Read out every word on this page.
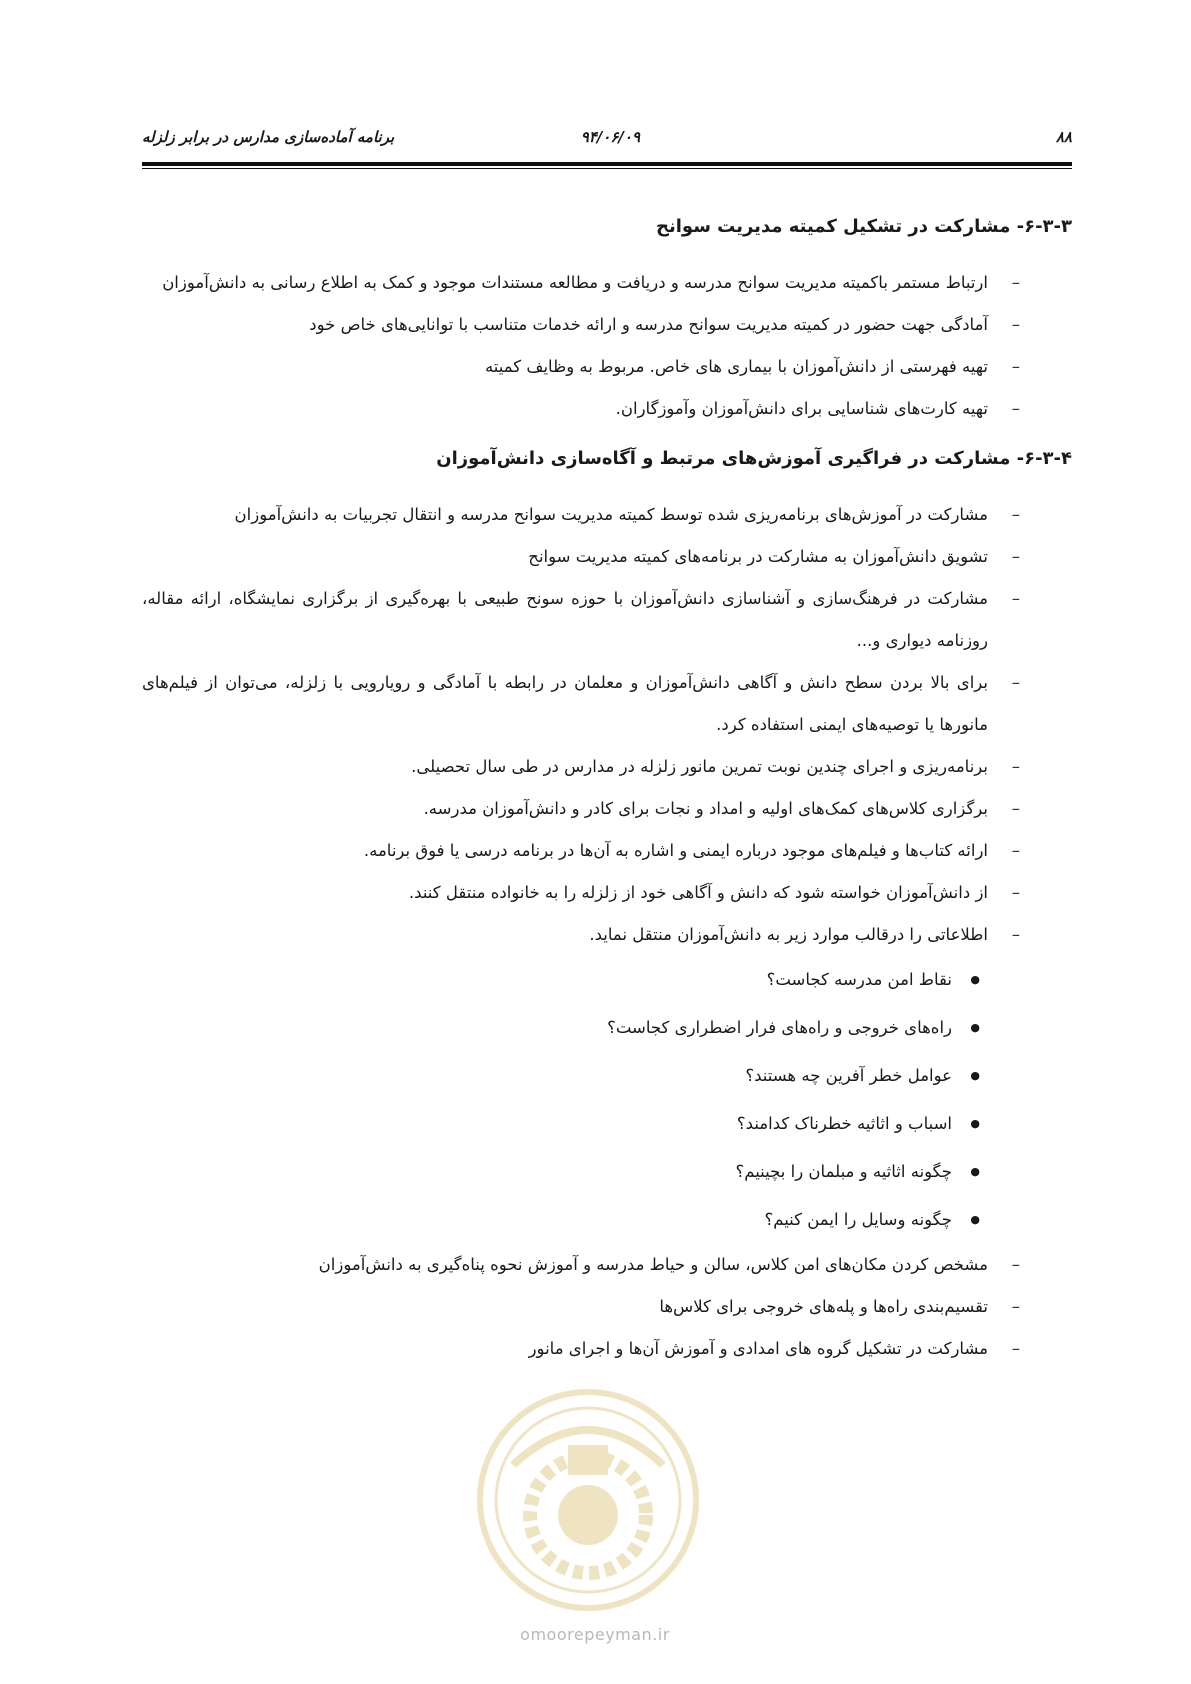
۸۸
۹۴/۰۶/۰۹
برنامه آماده‌سازی مدارس در برابر زلزله
۶-۳-۳- مشارکت در تشکیل کمیته مدیریت سوانح
– ارتباط مستمر باکمیته مدیریت سوانح مدرسه و دریافت و مطالعه مستندات موجود و کمک به اطلاع رسانی به دانش‌آموزان
– آمادگی جهت حضور در کمیته مدیریت سوانح مدرسه و ارائه خدمات متناسب با توانایی‌های خاص خود
– تهیه فهرستی از دانش‌آموزان با بیماری های خاص. مربوط به وظایف کمیته
– تهیه کارت‌های شناسایی برای دانش‌آموزان وآموزگاران.
۶-۳-۴- مشارکت در فراگیری آموزش‌های مرتبط و آگاه‌سازی دانش‌آموزان
– مشارکت در آموزش‌های برنامه‌ریزی شده توسط کمیته مدیریت سوانح مدرسه و انتقال تجربیات به دانش‌آموزان
– تشویق دانش‌آموزان به مشارکت در برنامه‌های کمیته مدیریت سوانح
– مشارکت در فرهنگ‌سازی و آشناسازی دانش‌آموزان با حوزه سونح طبیعی با بهره‌گیری از برگزاری نمایشگاه، ارائه مقاله، روزنامه دیواری و...
– برای بالا بردن سطح دانش و آگاهی دانش‌آموزان و معلمان در رابطه با آمادگی و رویارویی با زلزله، می‌توان از فیلم‌های مانورها یا توصیه‌های ایمنی استفاده کرد.
– برنامه‌ریزی و اجرای چندین نوبت تمرین مانور زلزله در مدارس در طی سال تحصیلی.
– برگزاری کلاس‌های کمک‌های اولیه و امداد و نجات برای کادر و دانش‌آموزان مدرسه.
– ارائه کتاب‌ها و فیلم‌های موجود درباره ایمنی و اشاره به آن‌ها در برنامه درسی یا فوق برنامه.
– از دانش‌آموزان خواسته شود که دانش و آگاهی خود از زلزله را به خانواده منتقل کنند.
– اطلاعاتی را درقالب موارد زیر به دانش‌آموزان منتقل نماید.
● نقاط امن مدرسه کجاست؟
● راه‌های خروجی و راه‌های فرار اضطراری کجاست؟
● عوامل خطر آفرین چه هستند؟
● اسباب و اثاثیه خطرناک کدامند؟
● چگونه اثاثیه و مبلمان را بچینیم؟
● چگونه وسایل را ایمن کنیم؟
– مشخص کردن مکان‌های امن کلاس، سالن و حیاط مدرسه و آموزش نحوه پناه‌گیری به دانش‌آموزان
– تقسیم‌بندی راه‌ها و پله‌های خروجی برای کلاس‌ها
– مشارکت در تشکیل گروه های امدادی و آموزش آن‌ها و اجرای مانور
omoorepeyman.ir
